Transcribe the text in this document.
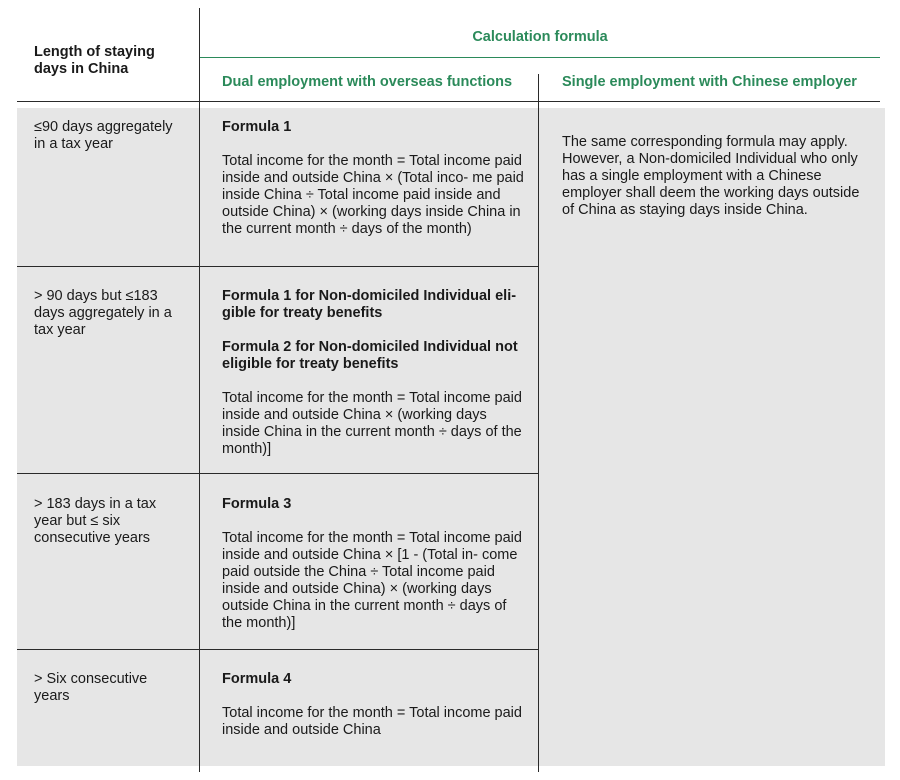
Length of staying days in China
Calculation formula
Dual employment with overseas functions	Single employment with Chinese employer
≤90 days aggregately in a tax year
Formula 1
Total income for the month = Total income paid inside and outside China × (Total inco- me paid inside China ÷ Total income paid inside and outside China) × (working days inside China in the current month ÷ days of the month)
> 90 days but ≤183 days aggregately in a tax year
Formula 1 for Non-domiciled Individual eli- gible for treaty benefits
Formula 2 for Non-domiciled Individual not eligible for treaty benefits
Total income for the month = Total income paid inside and outside China × (working days inside China in the current month ÷ days of the month)]
> 183 days in a tax year but ≤ six consecutive years
Formula 3
Total income for the month = Total income paid inside and outside China × [1 - (Total in- come paid outside the China ÷ Total income paid inside and outside China) × (working days outside China in the current month ÷ days of the month)]
> Six consecutive years
Formula 4
Total income for the month = Total income paid inside and outside China
The same corresponding formula may apply. However, a Non-domiciled Individual who only has a single employment with a Chinese employer shall deem the working days outside of China as staying days inside China.
